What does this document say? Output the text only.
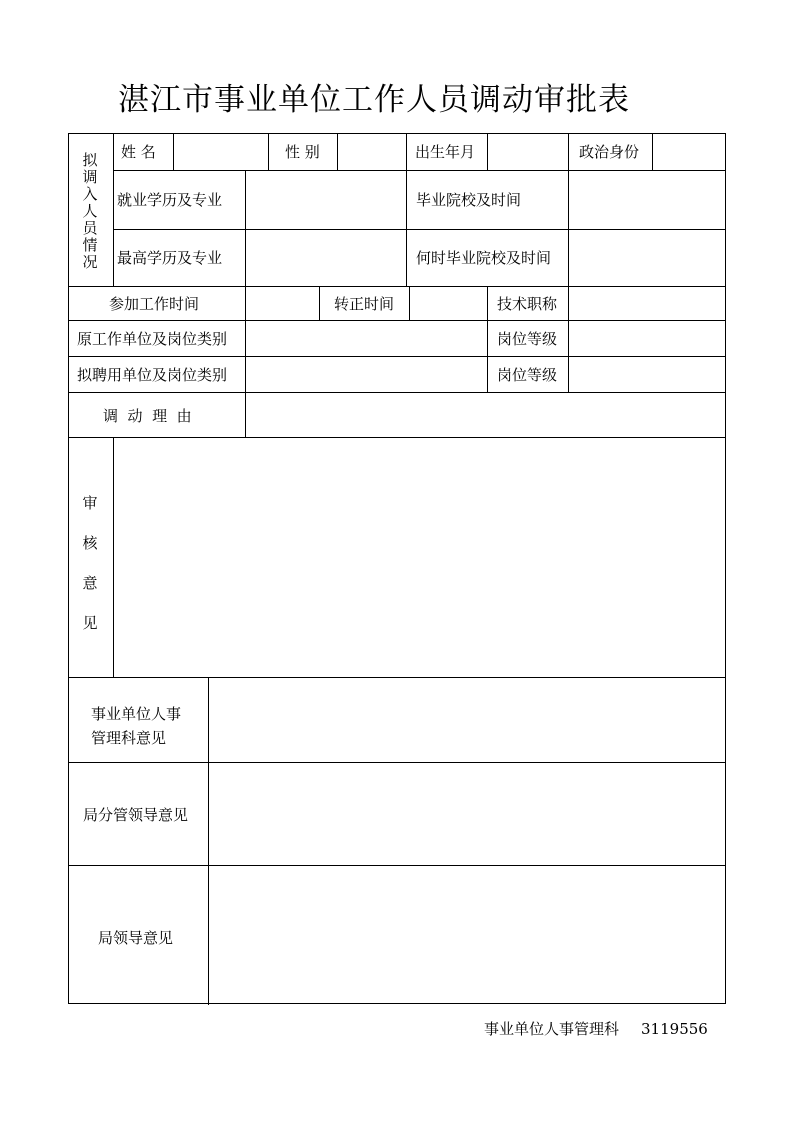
湛江市事业单位工作人员调动审批表
拟调入人员情况
姓 名	性 别	出生年月	政治身份
就业学历及专业	毕业院校及时间
最高学历及专业	何时毕业院校及时间
参加工作时间	转正时间	技术职称
原工作单位及岗位类别	岗位等级
拟聘用单位及岗位类别	岗位等级
调  动  理  由
审核意见
事业单位人事管理科意见
局分管领导意见
局领导意见
事业单位人事管理科 3119556
